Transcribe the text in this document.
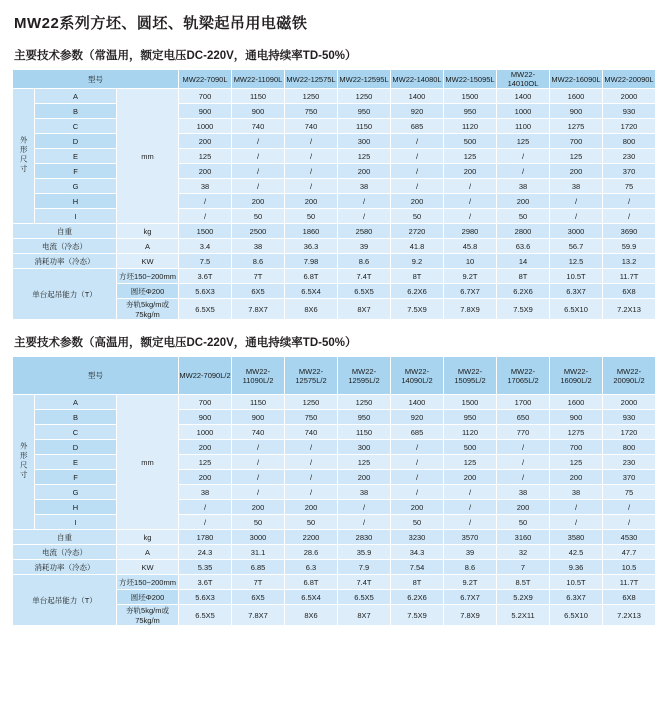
MW22系列方坯、圆坯、轨梁起吊用电磁铁
主要技术参数（常温用，额定电压DC-220V，通电持续率TD-50%）
型号			MW22-7090L	MW22-11090L	MW22-12575L	MW22-12595L	MW22-14080L	MW22-15095L	MW22-14010OL	MW22-16090L	MW22-20090L

外形尺寸	A	mm	700	1150	1250	1250	1400	1500	1400	1600	2000
	B		900	900	750	950	920	950	1000	900	930
	C		1000	740	740	1150	685	1120	1100	1275	1720
	D		200	/	/	300	/	500	125	700	800
	E		125	/	/	125	/	125	/	125	230
	F		200	/	/	200	/	200	/	200	370
	G		38	/	/	38	/	/	38	38	75
	H		/	200	200	/	200	/	200	/	/
	I		/	50	50	/	50	/	50	/	/
自重		kg	1500	2500	1860	2580	2720	2980	2800	3000	3690
电流（冷态）		A	3.4	38	36.3	39	41.8	45.8	63.6	56.7	59.9
消耗功率（冷态）		KW	7.5	8.6	7.98	8.6	9.2	10	14	12.5	13.2
单台起吊能力（T）		方坯150~200mm	3.6T	7T	6.8T	7.4T	8T	9.2T	8T	10.5T	11.7T
		圆坯Φ200	5.6X3	6X5	6.5X4	6.5X5	6.2X6	6.7X7	6.2X6	6.3X7	6X8
		夯轨5kg/m或75kg/m	6.5X5	7.8X7	8X6	8X7	7.5X9	7.8X9	7.5X9	6.5X10	7.2X13
主要技术参数（高温用，额定电压DC-220V，通电持续率TD-50%）
型号			MW22-7090L/2	MW22-11090L/2	MW22-12575L/2	MW22-12595L/2	MW22-14090L/2	MW22-15095L/2	MW22-17065L/2	MW22-16090L/2	MW22-20090L/2
外形尺寸	A	mm	700	1150	1250	1250	1400	1500	1700	1600	2000
	B		900	900	750	950	920	950	650	900	930
	C		1000	740	740	1150	685	1120	770	1275	1720
	D		200	/	/	300	/	500	/	700	800
	E		125	/	/	125	/	125	/	125	230
	F		200	/	/	200	/	200	/	200	370
	G		38	/	/	38	/	/	38	38	75
	H		/	200	200	/	200	/	200	/	/
	I		/	50	50	/	50	/	50	/	/
自重		kg	1780	3000	2200	2830	3230	3570	3160	3580	4530
电流（冷态）		A	24.3	31.1	28.6	35.9	34.3	39	32	42.5	47.7
消耗功率（冷态）		KW	5.35	6.85	6.3	7.9	7.54	8.6	7	9.36	10.5
单台起吊能力（T）		方坯150~200mm	3.6T	7T	6.8T	7.4T	8T	9.2T	8.5T	10.5T	11.7T
		圆坯Φ200	5.6X3	6X5	6.5X4	6.5X5	6.2X6	6.7X7	5.2X9	6.3X7	6X8
		夯轨5kg/m或75kg/m	6.5X5	7.8X7	8X6	8X7	7.5X9	7.8X9	5.2X11	6.5X10	7.2X13
